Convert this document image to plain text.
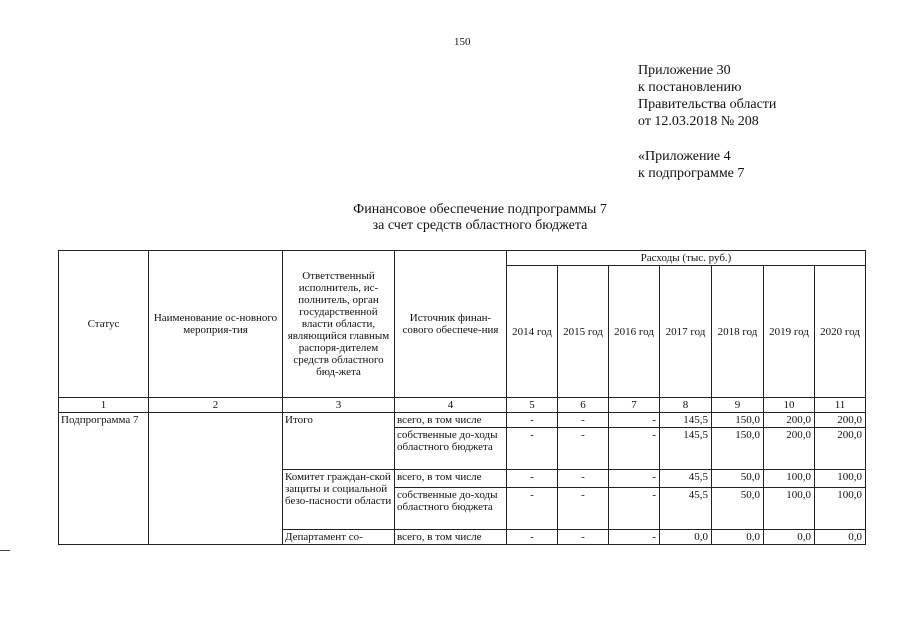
150
Приложение 30
к постановлению
Правительства области
от 12.03.2018 № 208
«Приложение 4
к подпрограмме 7
Финансовое обеспечение подпрограммы 7
за счет средств областного бюджета
Статус	Наименование ос-новного мероприя-тия	Ответственный исполнитель, ис-полнитель, орган государственной власти области, являющийся главным распоря-дителем средств областного бюд-жета	Источник финан-сового обеспече-ния	Расходы (тыс. руб.)						
				2014 год	2015 год	2016 год	2017 год	2018 год	2019 год	2020 год
1	2	3	4	5	6	7	8	9	10	11
Подпрограмма 7		Итого	всего, в том числе	-	-	-	145,5	150,0	200,0	200,0
			собственные до-ходы областного бюджета	-	-	-	145,5	150,0	200,0	200,0
		Комитет граждан-ской защиты и социальной безо-пасности области	всего, в том числе	-	-	-	45,5	50,0	100,0	100,0
			собственные до-ходы областного бюджета	-	-	-	45,5	50,0	100,0	100,0
		Департамент со-	всего, в том числе	-	-	-	0,0	0,0	0,0	0,0
